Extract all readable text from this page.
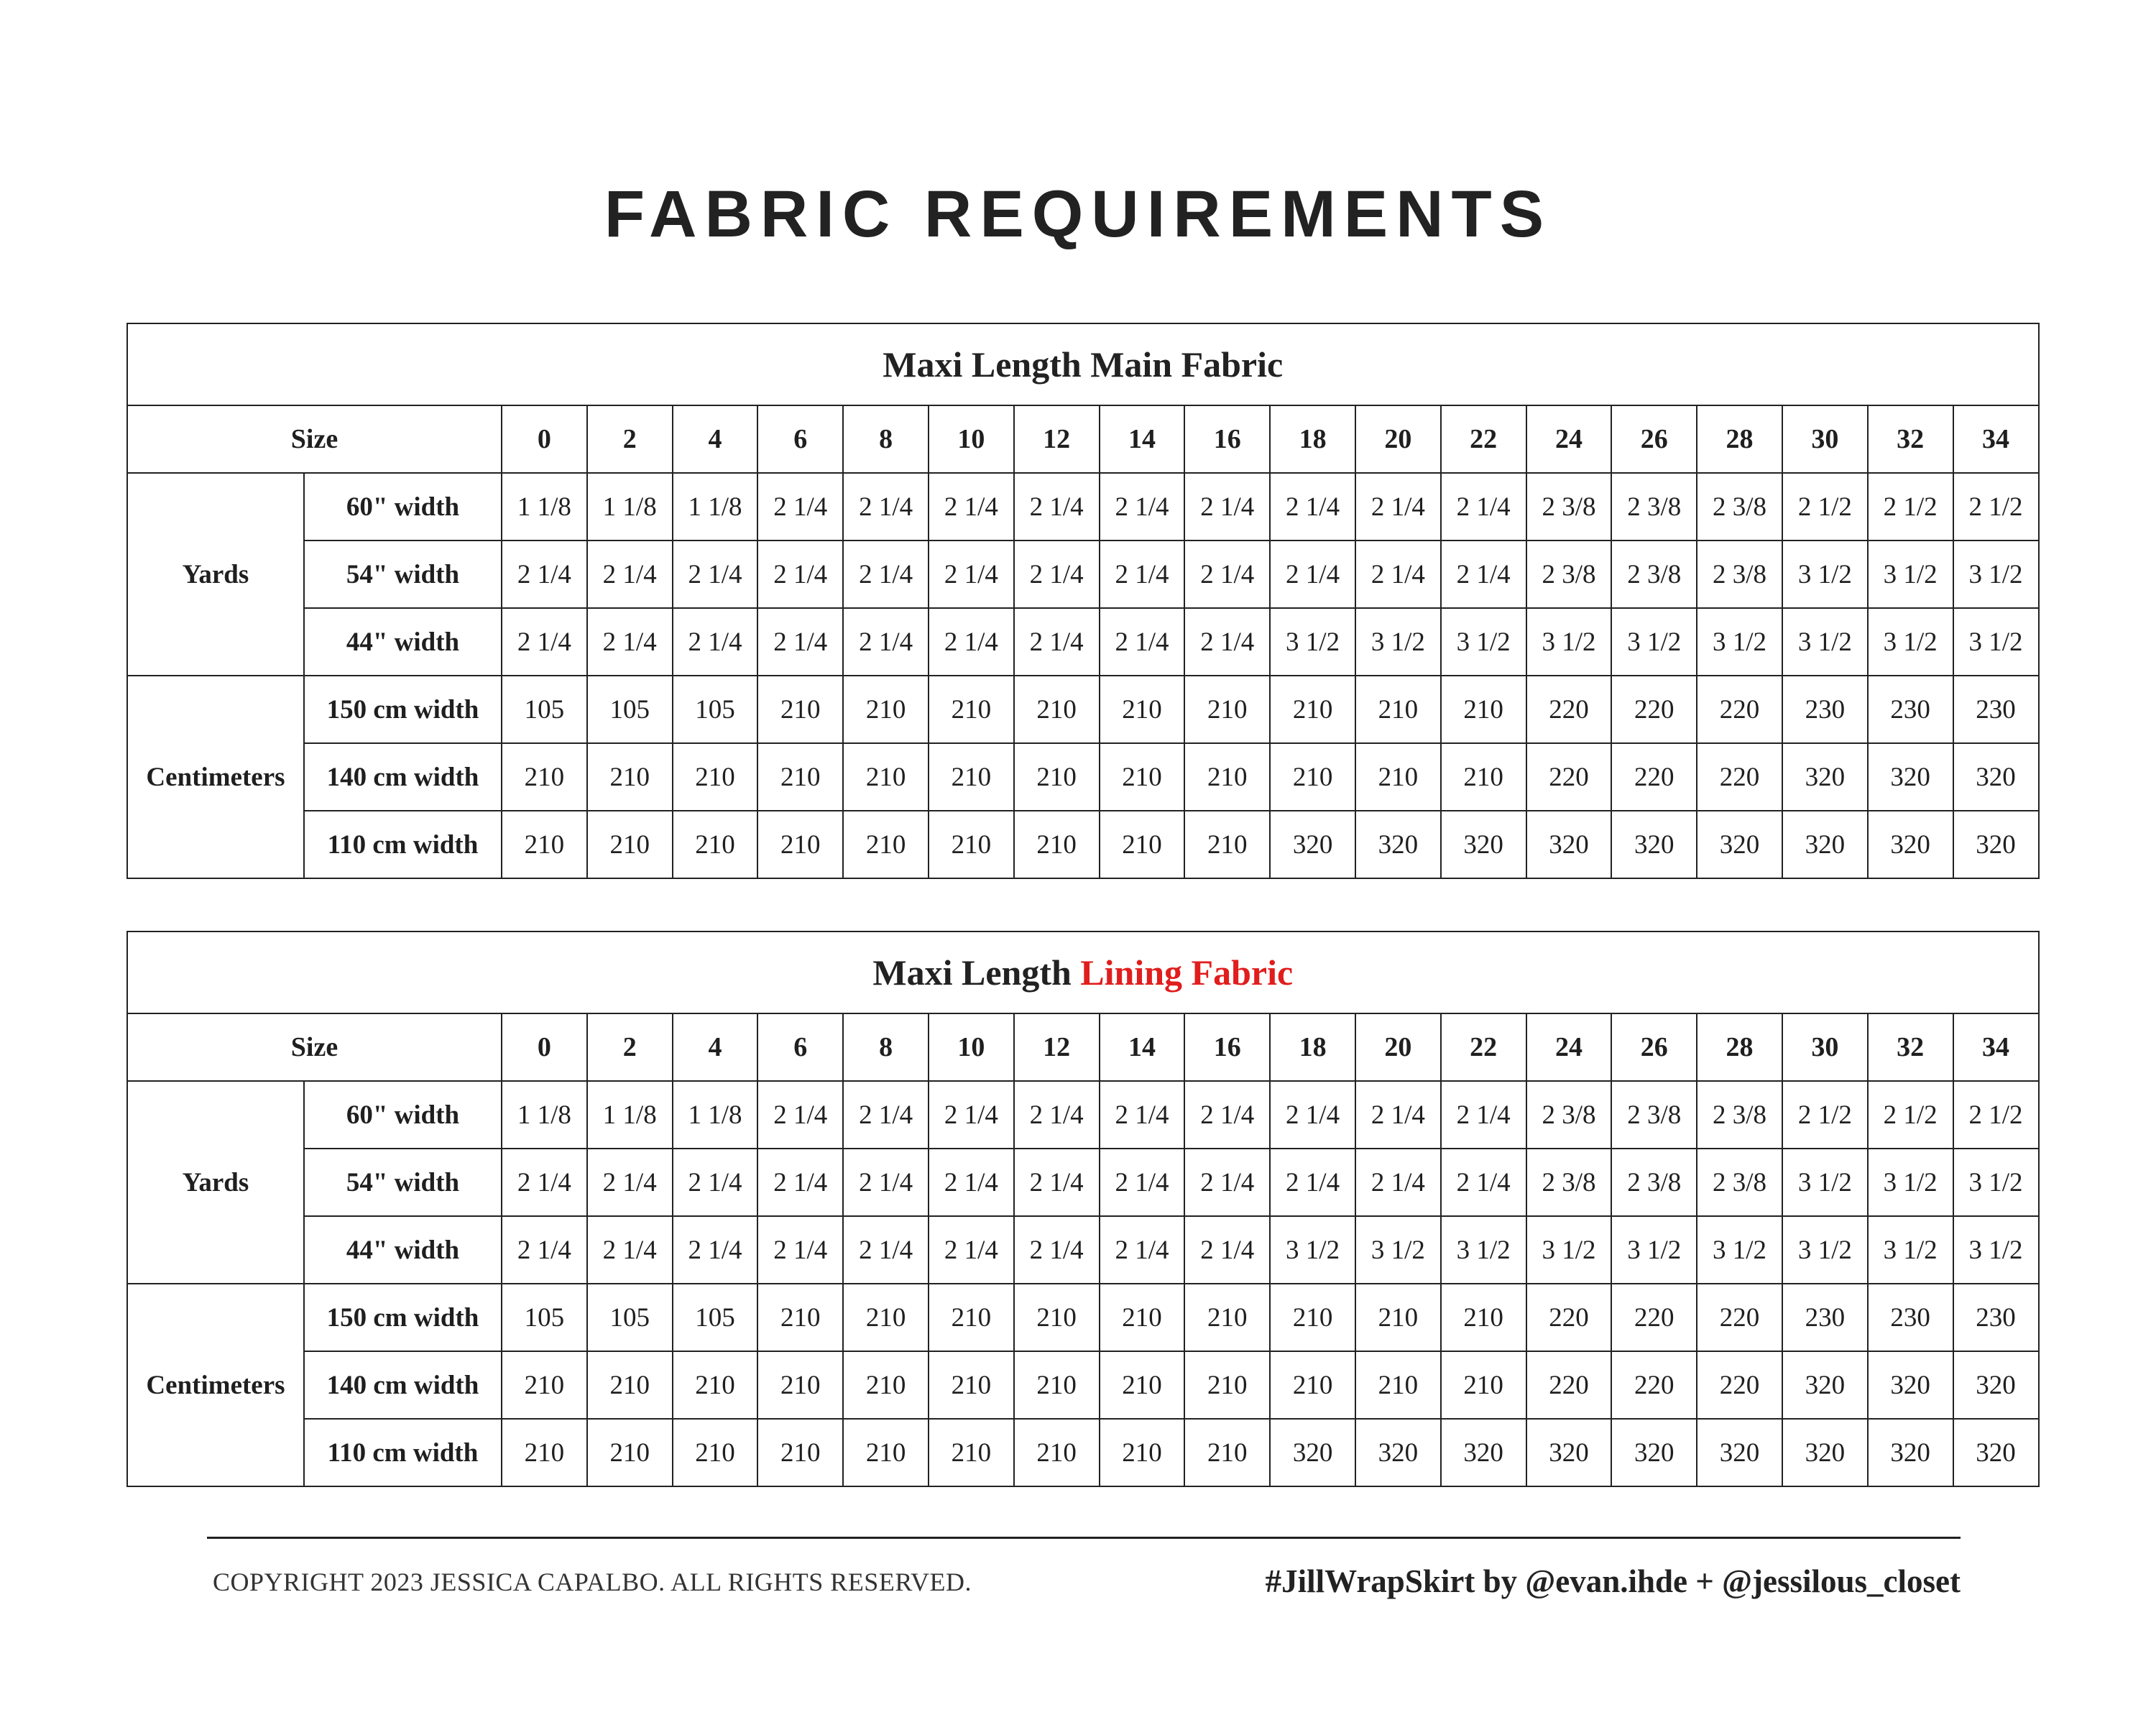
FABRIC REQUIREMENTS
Maxi Length Main Fabric																			
Size		0	2	4	6	8	10	12	14	16	18	20	22	24	26	28	30	32	34
Yards	60" width	1 1/8	1 1/8	1 1/8	2 1/4	2 1/4	2 1/4	2 1/4	2 1/4	2 1/4	2 1/4	2 1/4	2 1/4	2 3/8	2 3/8	2 3/8	2 1/2	2 1/2	2 1/2
	54" width	2 1/4	2 1/4	2 1/4	2 1/4	2 1/4	2 1/4	2 1/4	2 1/4	2 1/4	2 1/4	2 1/4	2 1/4	2 3/8	2 3/8	2 3/8	3 1/2	3 1/2	3 1/2
	44" width	2 1/4	2 1/4	2 1/4	2 1/4	2 1/4	2 1/4	2 1/4	2 1/4	2 1/4	3 1/2	3 1/2	3 1/2	3 1/2	3 1/2	3 1/2	3 1/2	3 1/2	3 1/2
Centimeters	150 cm width	105	105	105	210	210	210	210	210	210	210	210	210	220	220	220	230	230	230
	140 cm width	210	210	210	210	210	210	210	210	210	210	210	210	220	220	220	320	320	320
	110 cm width	210	210	210	210	210	210	210	210	210	320	320	320	320	320	320	320	320	320
Maxi Length Lining Fabric																			
Size		0	2	4	6	8	10	12	14	16	18	20	22	24	26	28	30	32	34
Yards	60" width	1 1/8	1 1/8	1 1/8	2 1/4	2 1/4	2 1/4	2 1/4	2 1/4	2 1/4	2 1/4	2 1/4	2 1/4	2 3/8	2 3/8	2 3/8	2 1/2	2 1/2	2 1/2
	54" width	2 1/4	2 1/4	2 1/4	2 1/4	2 1/4	2 1/4	2 1/4	2 1/4	2 1/4	2 1/4	2 1/4	2 1/4	2 3/8	2 3/8	2 3/8	3 1/2	3 1/2	3 1/2
	44" width	2 1/4	2 1/4	2 1/4	2 1/4	2 1/4	2 1/4	2 1/4	2 1/4	2 1/4	3 1/2	3 1/2	3 1/2	3 1/2	3 1/2	3 1/2	3 1/2	3 1/2	3 1/2
Centimeters	150 cm width	105	105	105	210	210	210	210	210	210	210	210	210	220	220	220	230	230	230
	140 cm width	210	210	210	210	210	210	210	210	210	210	210	210	220	220	220	320	320	320
	110 cm width	210	210	210	210	210	210	210	210	210	320	320	320	320	320	320	320	320	320
COPYRIGHT 2023 JESSICA CAPALBO. ALL RIGHTS RESERVED.	#JillWrapSkirt by @evan.ihde + @jessilous_closet
